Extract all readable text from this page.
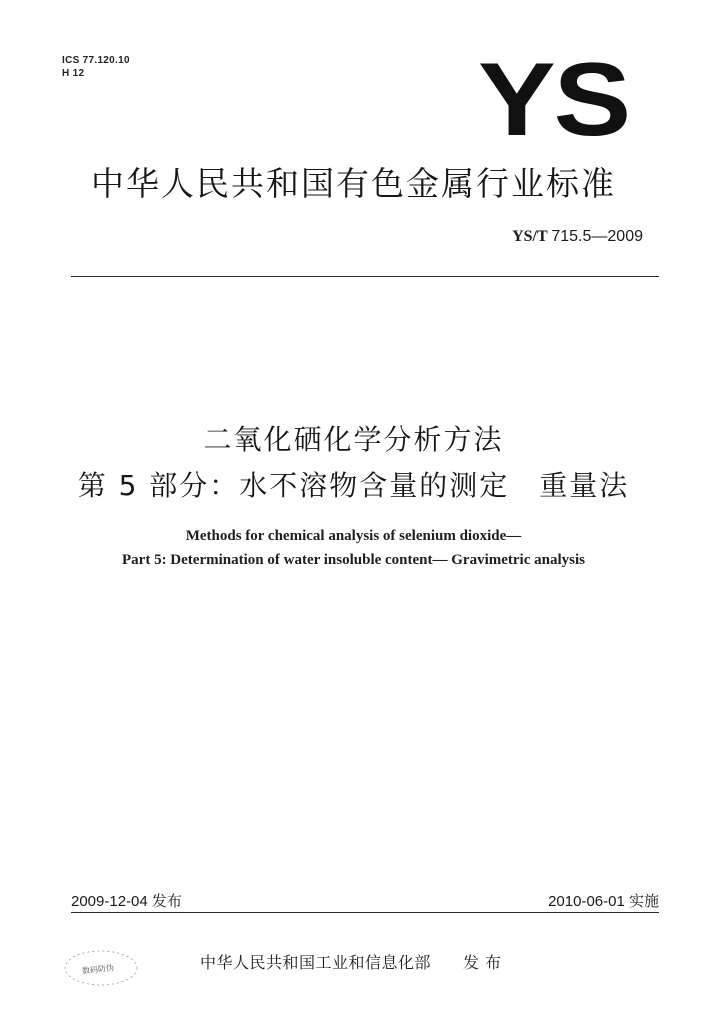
ICS 77.120.10
H 12	YS
中华人民共和国有色金属行业标准
YS/T 715.5—2009
二氧化硒化学分析方法
第 5 部分：水不溶物含量的测定　重量法
Methods for chemical analysis of selenium dioxide—
Part 5: Determination of water insoluble content— Gravimetric analysis
2009-12-04 发布	2010-06-01 实施
数码防伪	中华人民共和国工业和信息化部 发布
